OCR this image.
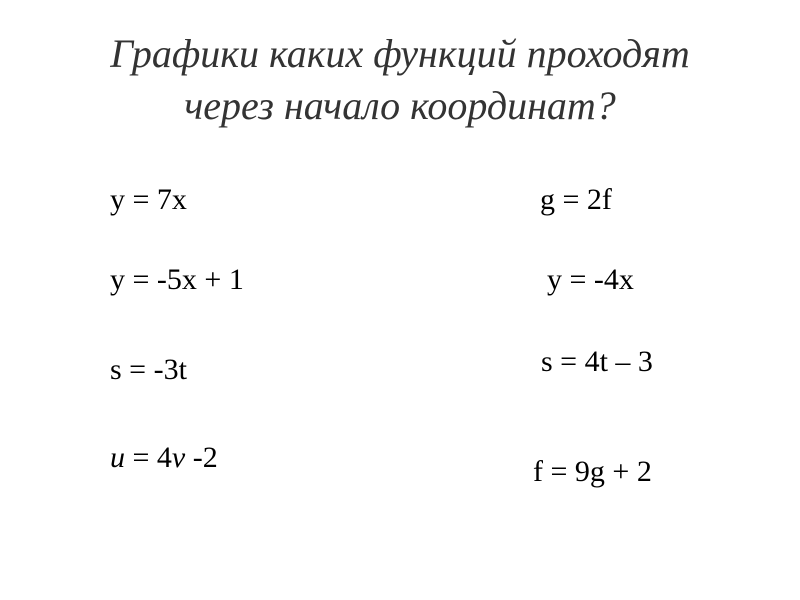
Графики каких функций проходят
через начало координат?
y = 7x
y = -5x + 1
s = -3t
u = 4v -2
g = 2f
y = -4x
s = 4t – 3
f = 9g + 2
